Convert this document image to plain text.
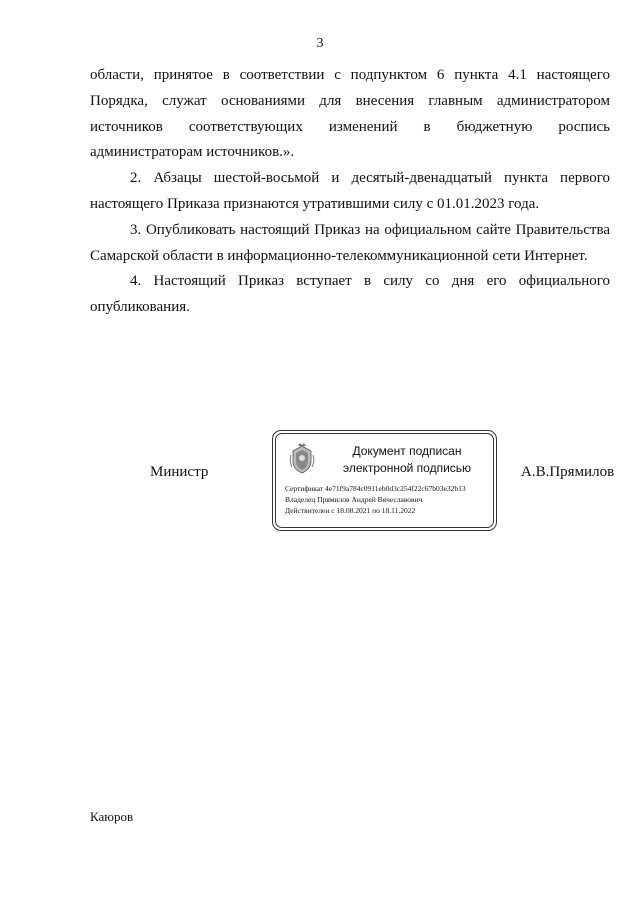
3

области, принятое в соответствии с подпунктом 6 пункта 4.1 настоящего
Порядка, служат основаниями для внесения главным администратором
источников соответствующих изменений в бюджетную роспись
администраторам источников.».

2. Абзацы шестой-восьмой и десятый-двенадцатый пункта первого
настоящего Приказа признаются утратившими силу с 01.01.2023 года.

3. Опубликовать настоящий Приказ на официальном сайте Правительства
Самарской области в информационно-телекоммуникационной сети Интернет.

4. Настоящий Приказ вступает в силу со дня его официального
опубликования.

Министр
Документ подписан
электронной подписью
Сертификат 4e71f9a784c0911eb0d3c254f22c67b03e32b13
Владелец Прямилов Андрей Вячеславович
Действителен с 18.08.2021 по 18.11.2022
А.В.Прямилов
Каюров
